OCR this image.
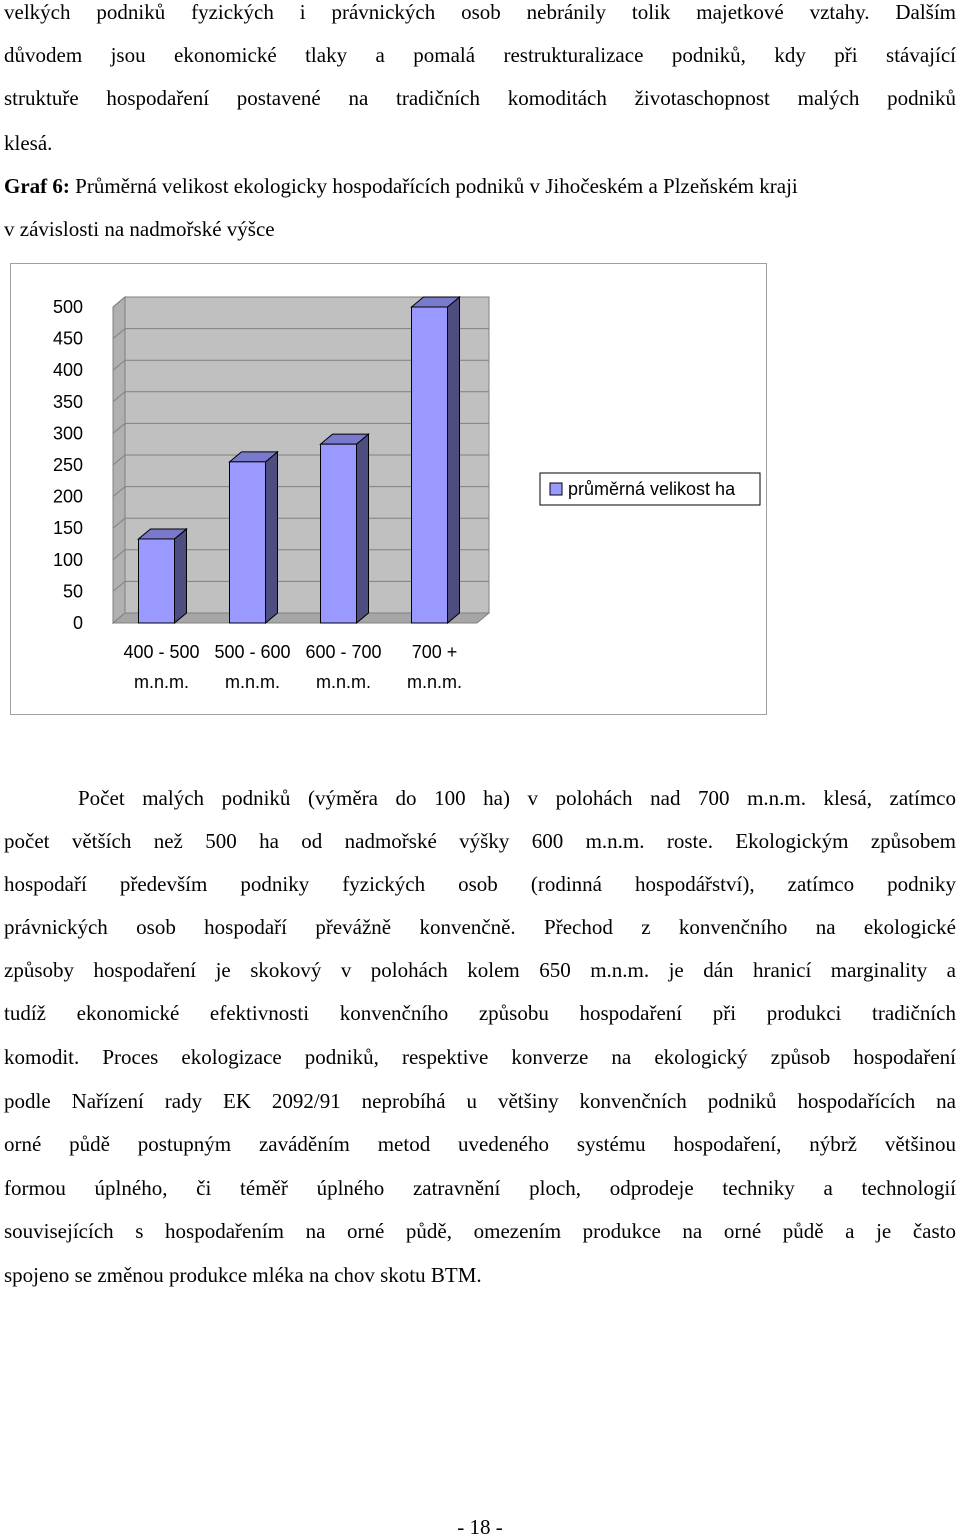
velkých podniků fyzických i právnických osob nebránily tolik majetkové vztahy. Dalším
důvodem jsou ekonomické tlaky a pomalá restrukturalizace podniků, kdy při stávající
struktuře hospodaření postavené na tradičních komoditách životaschopnost malých podniků
klesá.
Graf 6: Průměrná velikost ekologicky hospodařících podniků v Jihočeském a Plzeňském kraji
v závislosti na nadmořské výšce
0
50
100
150
200
250
300
350
400
450
500
400 - 500
m.n.m.
500 - 600
m.n.m.
600 - 700
m.n.m.
700 +
m.n.m.
průměrná velikost ha
Počet malých podniků (výměra do 100 ha) v polohách nad 700 m.n.m. klesá, zatímco
počet větších než 500 ha od nadmořské výšky 600 m.n.m. roste. Ekologickým způsobem
hospodaří především podniky fyzických osob (rodinná hospodářství), zatímco podniky
právnických osob hospodaří převážně konvenčně. Přechod z konvenčního na ekologické
způsoby hospodaření je skokový v polohách kolem 650 m.n.m. je dán hranicí marginality a
tudíž ekonomické efektivnosti konvenčního způsobu hospodaření při produkci tradičních
komodit. Proces ekologizace podniků, respektive konverze na ekologický způsob hospodaření
podle Nařízení rady EK 2092/91 neprobíhá u většiny konvenčních podniků hospodařících na
orné půdě postupným zaváděním metod uvedeného systému hospodaření, nýbrž většinou
formou úplného, či téměř úplného zatravnění ploch, odprodeje techniky a technologií
souvisejících s hospodařením na orné půdě, omezením produkce na orné půdě a je často
spojeno se změnou produkce mléka na chov skotu BTM.
- 18 -
